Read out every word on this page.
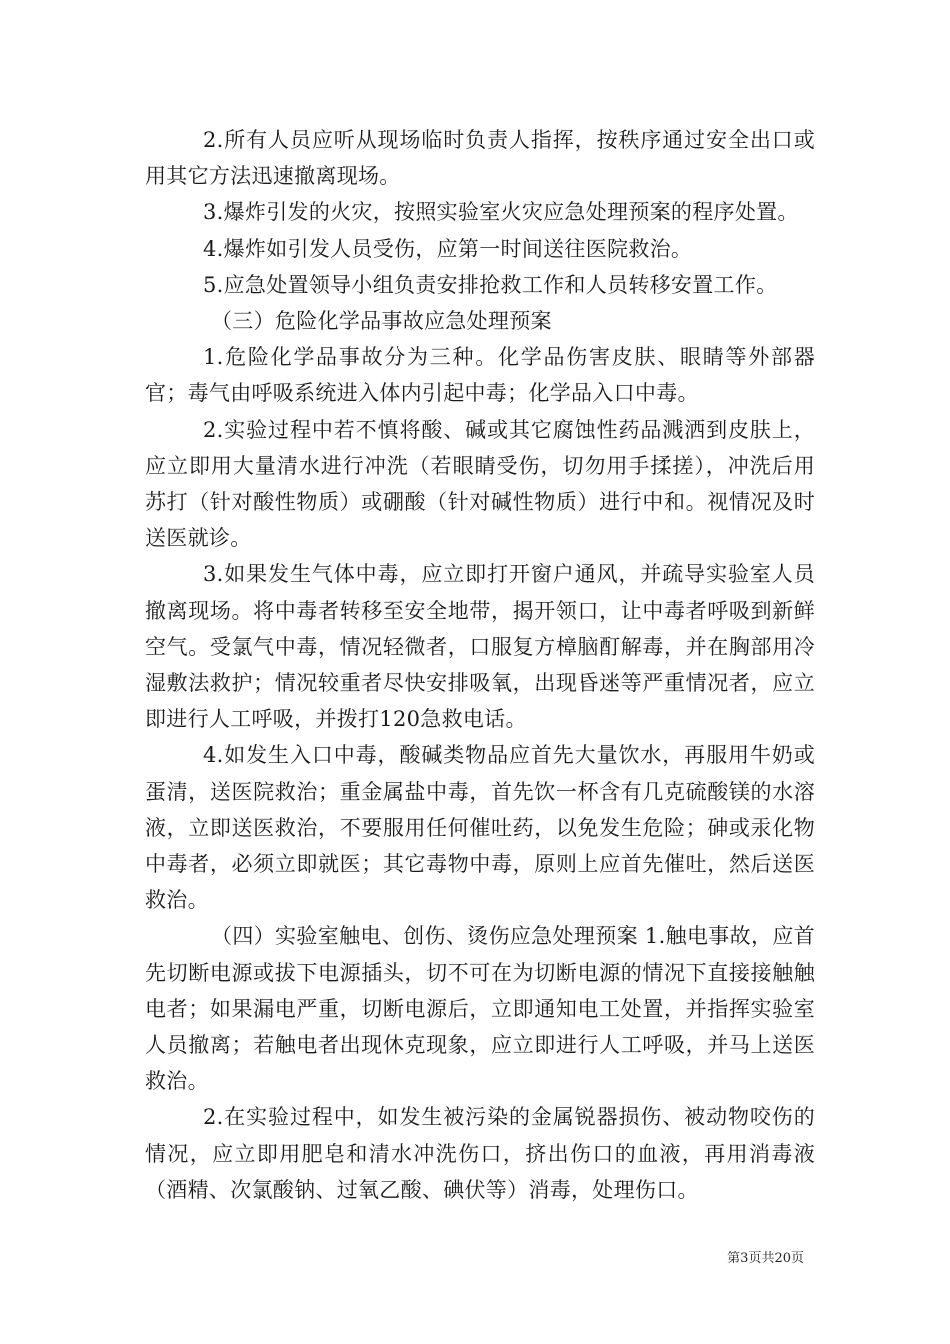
2.所有人员应听从现场临时负责人指挥，按秩序通过安全出口或用其它方法迅速撤离现场。

3.爆炸引发的火灾，按照实验室火灾应急处理预案的程序处置。

4.爆炸如引发人员受伤，应第一时间送往医院救治。

5.应急处置领导小组负责安排抢救工作和人员转移安置工作。

（三）危险化学品事故应急处理预案

1.危险化学品事故分为三种。化学品伤害皮肤、眼睛等外部器官；毒气由呼吸系统进入体内引起中毒；化学品入口中毒。

2.实验过程中若不慎将酸、碱或其它腐蚀性药品溅洒到皮肤上，应立即用大量清水进行冲洗（若眼睛受伤，切勿用手揉搓），冲洗后用苏打（针对酸性物质）或硼酸（针对碱性物质）进行中和。视情况及时送医就诊。

3.如果发生气体中毒，应立即打开窗户通风，并疏导实验室人员撤离现场。将中毒者转移至安全地带，揭开领口，让中毒者呼吸到新鲜空气。受氯气中毒，情况轻微者，口服复方樟脑酊解毒，并在胸部用冷湿敷法救护；情况较重者尽快安排吸氧，出现昏迷等严重情况者，应立即进行人工呼吸，并拨打120急救电话。

4.如发生入口中毒，酸碱类物品应首先大量饮水，再服用牛奶或蛋清，送医院救治；重金属盐中毒，首先饮一杯含有几克硫酸镁的水溶液，立即送医救治，不要服用任何催吐药，以免发生危险；砷或汞化物中毒者，必须立即就医；其它毒物中毒，原则上应首先催吐，然后送医救治。

（四）实验室触电、创伤、烫伤应急处理预案 1.触电事故，应首先切断电源或拔下电源插头，切不可在为切断电源的情况下直接接触触电者；如果漏电严重，切断电源后，立即通知电工处置，并指挥实验室人员撤离；若触电者出现休克现象，应立即进行人工呼吸，并马上送医救治。

2.在实验过程中，如发生被污染的金属锐器损伤、被动物咬伤的情况，应立即用肥皂和清水冲洗伤口，挤出伤口的血液，再用消毒液（酒精、次氯酸钠、过氧乙酸、碘伏等）消毒，处理伤口。

第3页共20页
